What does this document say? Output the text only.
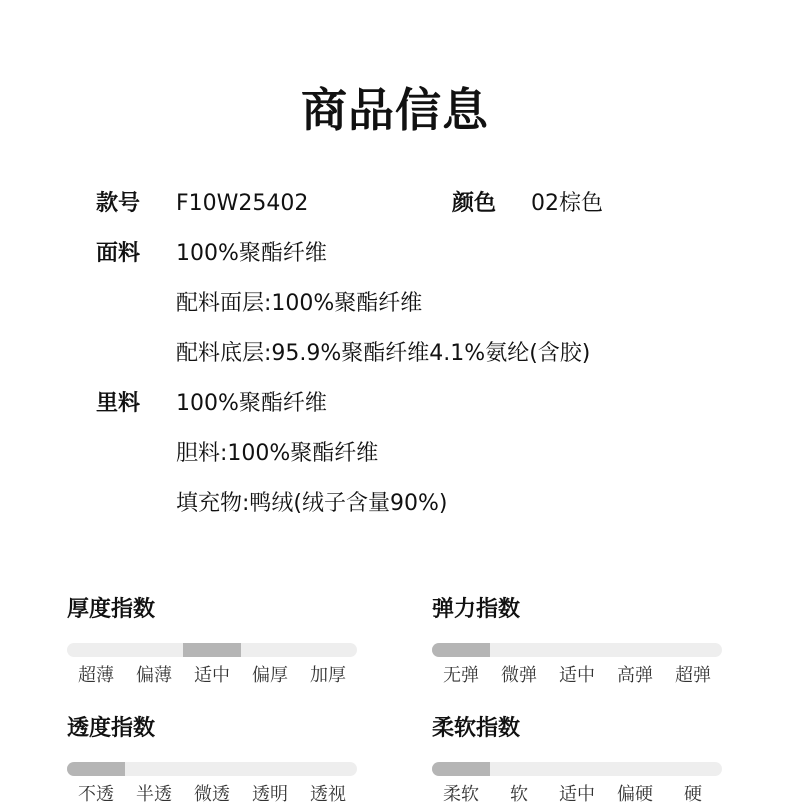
商品信息
款号 F10W25402	颜色 02棕色
面料 100%聚酯纤维
配料面层:100%聚酯纤维
配料底层:95.9%聚酯纤维4.1%氨纶(含胶)
里料 100%聚酯纤维
胆料:100%聚酯纤维
填充物:鸭绒(绒子含量90%)
厚度指数
超薄 偏薄 适中 偏厚 加厚
弹力指数
无弹 微弹 适中 高弹 超弹
透度指数
不透 半透 微透 透明 透视
柔软指数
柔软 软 适中 偏硬 硬
